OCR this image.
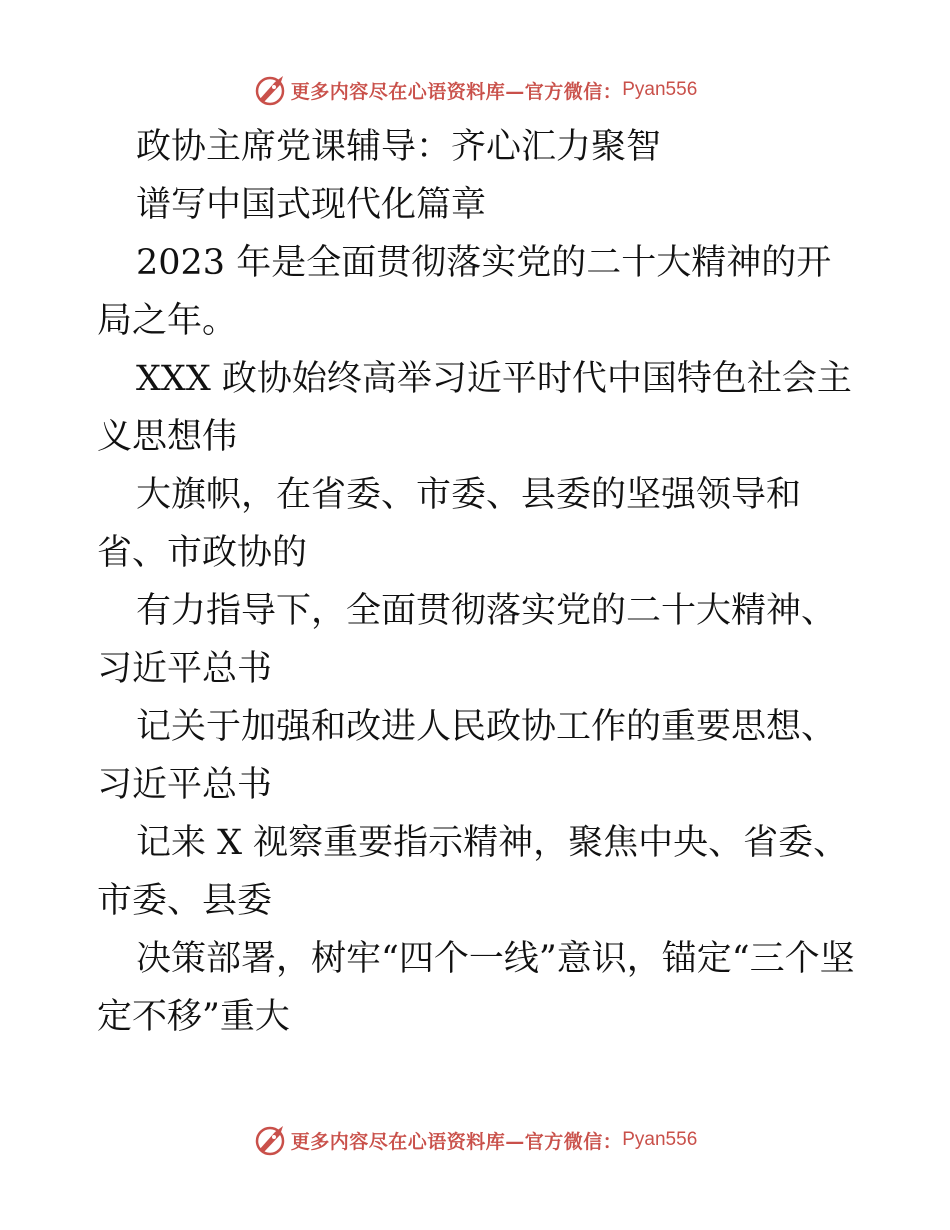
更多内容尽在心语资料库—官方微信： Pyan556

政协主席党课辅导：齐心汇力聚智

谱写中国式现代化篇章

2023 年是全面贯彻落实党的二十大精神的开局之年。

XXX 政协始终高举习近平时代中国特色社会主义思想伟

大旗帜，在省委、市委、县委的坚强领导和省、市政协的

有力指导下，全面贯彻落实党的二十大精神、习近平总书

记关于加强和改进人民政协工作的重要思想、习近平总书

记来 X 视察重要指示精神，聚焦中央、省委、市委、县委

决策部署，树牢“四个一线”意识，锚定“三个坚定不移”重大

更多内容尽在心语资料库—官方微信： Pyan556
